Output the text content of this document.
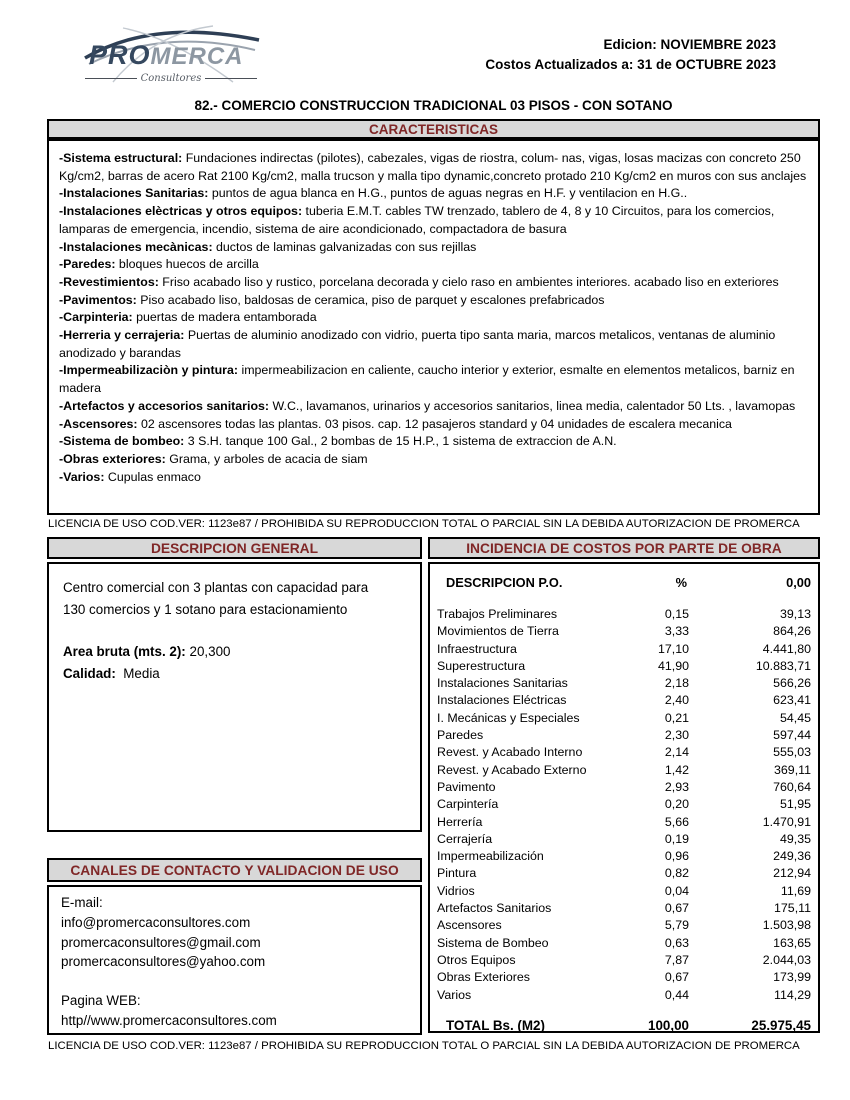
PROMERCA
Consultores
Edicion: NOVIEMBRE 2023
Costos Actualizados a: 31 de OCTUBRE 2023
82.- COMERCIO CONSTRUCCION TRADICIONAL 03 PISOS - CON SOTANO
CARACTERISTICAS
-Sistema estructural: Fundaciones indirectas (pilotes), cabezales, vigas de riostra, colum- nas, vigas, losas macizas con concreto 250 Kg/cm2, barras de acero Rat 2100 Kg/cm2, malla trucson y malla tipo dynamic,concreto protado 210 Kg/cm2 en muros con sus anclajes
-Instalaciones Sanitarias: puntos de agua blanca en H.G., puntos de aguas negras en H.F. y ventilacion en H.G..
-Instalaciones elèctricas y otros equipos: tuberia E.M.T. cables TW trenzado, tablero de 4, 8 y 10 Circuitos, para los comercios, lamparas de emergencia, incendio, sistema de aire acondicionado, compactadora de basura
-Instalaciones mecànicas: ductos de laminas galvanizadas con sus rejillas
-Paredes: bloques huecos de arcilla
-Revestimientos: Friso acabado liso y rustico, porcelana decorada y cielo raso en ambientes interiores. acabado liso en exteriores
-Pavimentos: Piso acabado liso, baldosas de ceramica, piso de parquet y escalones prefabricados
-Carpinteria: puertas de madera entamborada
-Herreria y cerrajeria: Puertas de aluminio anodizado con vidrio, puerta tipo santa maria, marcos metalicos, ventanas de aluminio anodizado y barandas
-Impermeabilizaciòn y pintura: impermeabilizacion en caliente, caucho interior y exterior, esmalte en elementos metalicos, barniz en madera
-Artefactos y accesorios sanitarios: W.C., lavamanos, urinarios y accesorios sanitarios, linea media, calentador 50 Lts. , lavamopas
-Ascensores: 02 ascensores todas las plantas. 03 pisos. cap. 12 pasajeros standard y 04 unidades de escalera mecanica
-Sistema de bombeo: 3 S.H. tanque 100 Gal., 2 bombas de 15 H.P., 1 sistema de extraccion de A.N.
-Obras exteriores: Grama, y arboles de acacia de siam
-Varios: Cupulas enmaco
LICENCIA DE USO COD.VER: 1123e87 / PROHIBIDA SU REPRODUCCION TOTAL O PARCIAL SIN LA DEBIDA AUTORIZACION DE PROMERCA
DESCRIPCION GENERAL
Centro comercial con 3 plantas con capacidad para
130 comercios y 1 sotano para estacionamiento
Area bruta (mts. 2): 20,300
Calidad: Media
CANALES DE CONTACTO Y VALIDACION DE USO
E-mail:
info@promercaconsultores.com
promercaconsultores@gmail.com
promercaconsultores@yahoo.com
Pagina WEB:
http//www.promercaconsultores.com
INCIDENCIA DE COSTOS POR PARTE DE OBRA
DESCRIPCION P.O.	%	0,00
Trabajos Preliminares	0,15	39,13
Movimientos de Tierra	3,33	864,26
Infraestructura	17,10	4.441,80
Superestructura	41,90	10.883,71
Instalaciones Sanitarias	2,18	566,26
Instalaciones Eléctricas	2,40	623,41
I. Mecánicas y Especiales	0,21	54,45
Paredes	2,30	597,44
Revest. y Acabado Interno	2,14	555,03
Revest. y Acabado Externo	1,42	369,11
Pavimento	2,93	760,64
Carpintería	0,20	51,95
Herrería	5,66	1.470,91
Cerrajería	0,19	49,35
Impermeabilización	0,96	249,36
Pintura	0,82	212,94
Vidrios	0,04	11,69
Artefactos Sanitarios	0,67	175,11
Ascensores	5,79	1.503,98
Sistema de Bombeo	0,63	163,65
Otros Equipos	7,87	2.044,03
Obras Exteriores	0,67	173,99
Varios	0,44	114,29
TOTAL Bs. (M2)	100,00	25.975,45
LICENCIA DE USO COD.VER: 1123e87 / PROHIBIDA SU REPRODUCCION TOTAL O PARCIAL SIN LA DEBIDA AUTORIZACION DE PROMERCA
